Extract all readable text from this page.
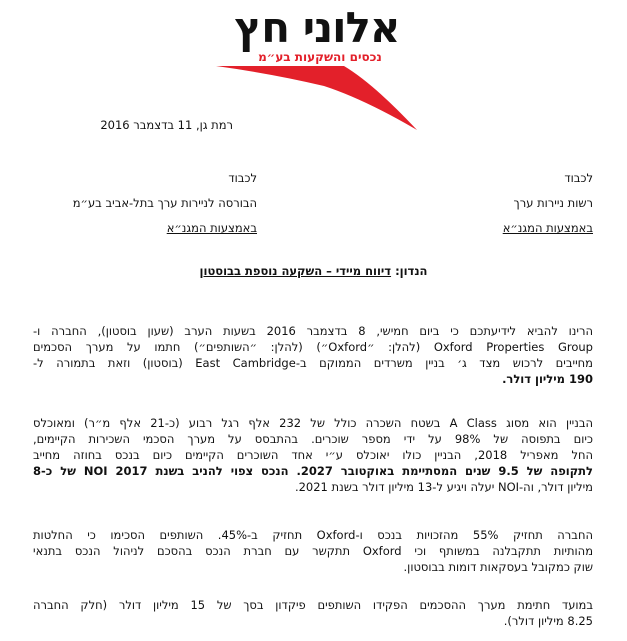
אלוני חץ
נכסים והשקעות בע״מ
רמת גן, 11 בדצמבר 2016
לכבוד
רשות ניירות ערך
באמצעות המגנ״א
לכבוד
הבורסה לניירות ערך בתל-אביב בע״מ
באמצעות המגנ״א
הנדון: דיווח מיידי – השקעה נוספת בבוסטון
הרינו להביא לידיעתכם כי ביום חמישי, 8 בדצמבר 2016 בשעות הערב (שעון בוסטון), החברה ו-
Oxford Properties Group (להלן: ״Oxford״) (להלן: ״השותפים״) חתמו על מערך הסכמים
מחייבים לרכוש מצד ג׳ בניין משרדים הממוקם ב-East Cambridge (בוסטון) וזאת בתמורה ל-
190 מיליון דולר.
הבניין הוא מסוג A Class בשטח השכרה כולל של 232 אלף רגל רבוע (כ-21 אלף מ״ר) ומאוכלס
כיום בתפוסה של 98% על ידי מספר שוכרים. בהתבסס על מערך הסכמי השכירות הקיימים,
החל מאפריל 2018, הבניין כולו יאוכלס ע״י אחד השוכרים הקיימים כיום בנכס בחוזה מחייב
לתקופה של 9.5 שנים המסתיימת באוקטובר 2027. הנכס צפוי להניב בשנת 2017 NOI של כ-8
מיליון דולר, וה-NOI יעלה ויגיע ל-13 מיליון דולר בשנת 2021.
החברה תחזיק 55% מהזכויות בנכס ו-Oxford תחזיק ב-45%. השותפים הסכימו כי החלטות
מהותיות תתקבלנה במשותף וכי Oxford תתקשר עם חברת הנכס בהסכם לניהול הנכס בתנאי
שוק כמקובל בעסקאות דומות בבוסטון.
במועד חתימת מערך ההסכמים הפקידו השותפים פיקדון בסך של 15 מיליון דולר (חלק החברה
8.25 מיליון דולר).
